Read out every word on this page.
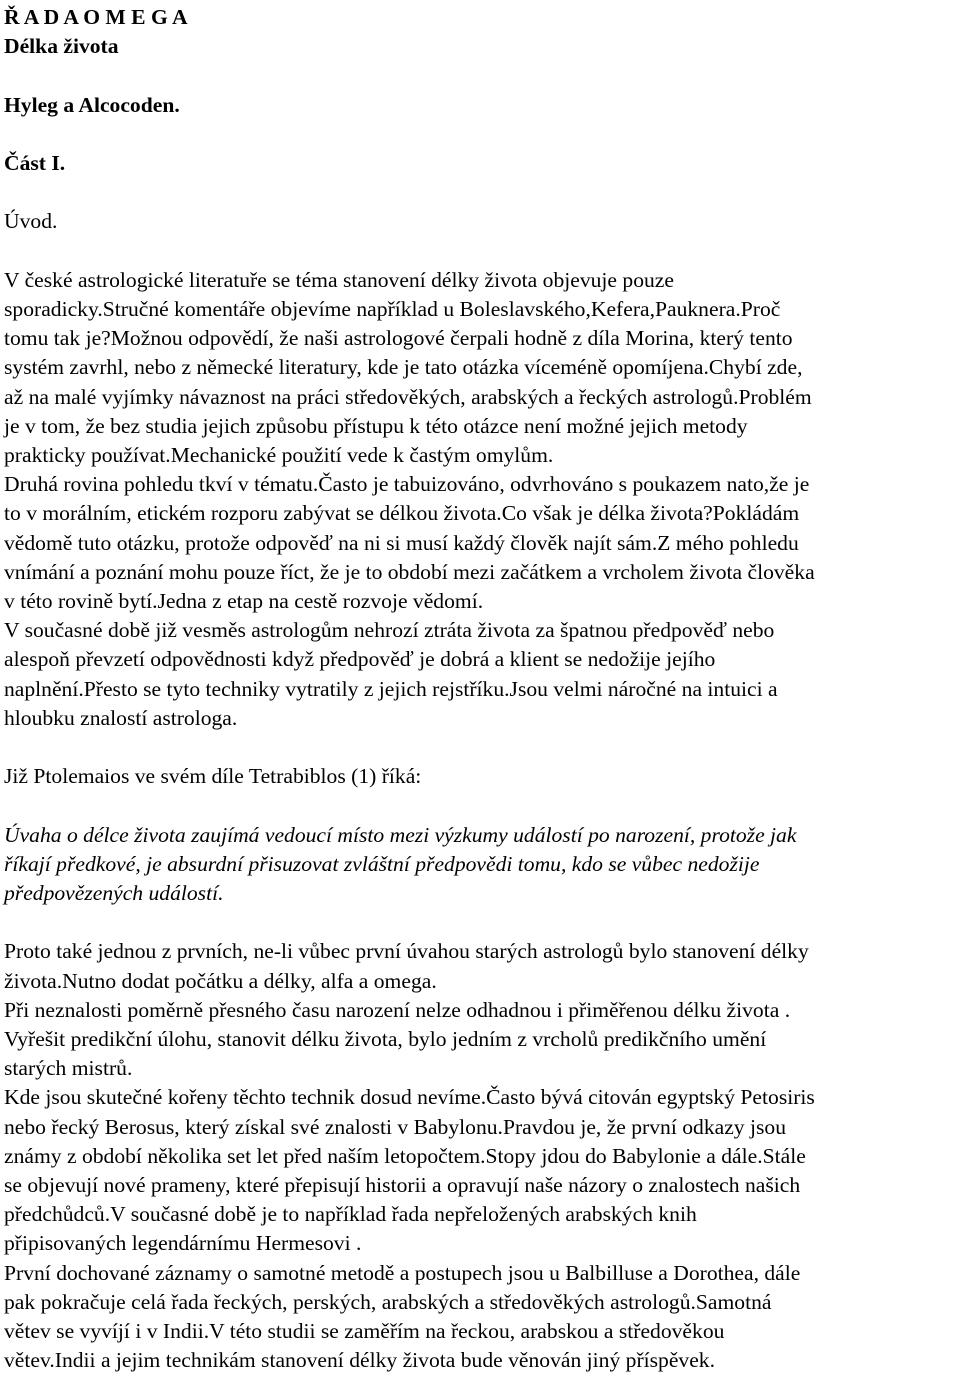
Ř A D A O M E G A

Délka života

Hyleg a Alcocoden.

Část I.

Úvod.

V české astrologické literatuře se téma stanovení délky života objevuje pouze
sporadicky.Stručné komentáře objevíme například u Boleslavského,Kefera,Pauknera.Proč
tomu tak je?Možnou odpovědí, že naši astrologové čerpali hodně z díla Morina, který tento
systém zavrhl, nebo z německé literatury, kde je tato otázka víceméně opomíjena.Chybí zde,
až na malé vyjímky návaznost na práci středověkých, arabských a řeckých astrologů.Problém
je v tom, že bez studia jejich způsobu přístupu k této otázce není možné jejich metody
prakticky používat.Mechanické použití vede k častým omylům.

Druhá rovina pohledu tkví v tématu.Často je tabuizováno, odvrhováno s poukazem nato,že je
to v morálním, etickém rozporu zabývat se délkou života.Co však je délka života?Pokládám
vědomě tuto otázku, protože odpověď na ni si musí každý člověk najít sám.Z mého pohledu
vnímání a poznání mohu pouze říct, že je to období mezi začátkem a vrcholem života člověka
v této rovině bytí.Jedna z etap na cestě rozvoje vědomí.

V současné době již vesměs astrologům nehrozí ztráta života za špatnou předpověď nebo
alespoň převzetí odpovědnosti když předpověď je dobrá a klient se nedožije jejího
naplnění.Přesto se tyto techniky vytratily z jejich rejstříku.Jsou velmi náročné na intuici a
hloubku znalostí astrologa.

Již Ptolemaios ve svém díle Tetrabiblos (1) říká:

Úvaha o délce života zaujímá vedoucí místo mezi výzkumy událostí po narození, protože jak
říkají předkové, je absurdní přisuzovat zvláštní předpovědi tomu, kdo se vůbec nedožije
předpovězených událostí.

Proto také jednou z prvních, ne-li vůbec první úvahou starých astrologů bylo stanovení délky
života.Nutno dodat počátku a délky, alfa a omega.

Při neznalosti poměrně přesného času narození nelze odhadnou i přiměřenou délku života .

Vyřešit predikční úlohu, stanovit délku života, bylo jedním z vrcholů predikčního umění
starých mistrů.

Kde jsou skutečné kořeny těchto technik dosud nevíme.Často bývá citován egyptský Petosiris
nebo řecký Berosus, který získal své znalosti v Babylonu.Pravdou je, že první odkazy jsou
známy z období několika set let před naším letopočtem.Stopy jdou do Babylonie a dále.Stále
se objevují nové prameny, které přepisují historii a opravují naše názory o znalostech našich
předchůdců.V současné době je to například řada nepřeložených arabských knih
připisovaných legendárnímu Hermesovi .

První dochované záznamy o samotné metodě a postupech jsou u Balbilluse a Dorothea, dále
pak pokračuje celá řada řeckých, perských, arabských a středověkých astrologů.Samotná
větev se vyvíjí i v Indii.V této studii se zaměřím na řeckou, arabskou a středověkou
větev.Indii a jejim technikám stanovení délky života bude věnován jiný příspěvek.
